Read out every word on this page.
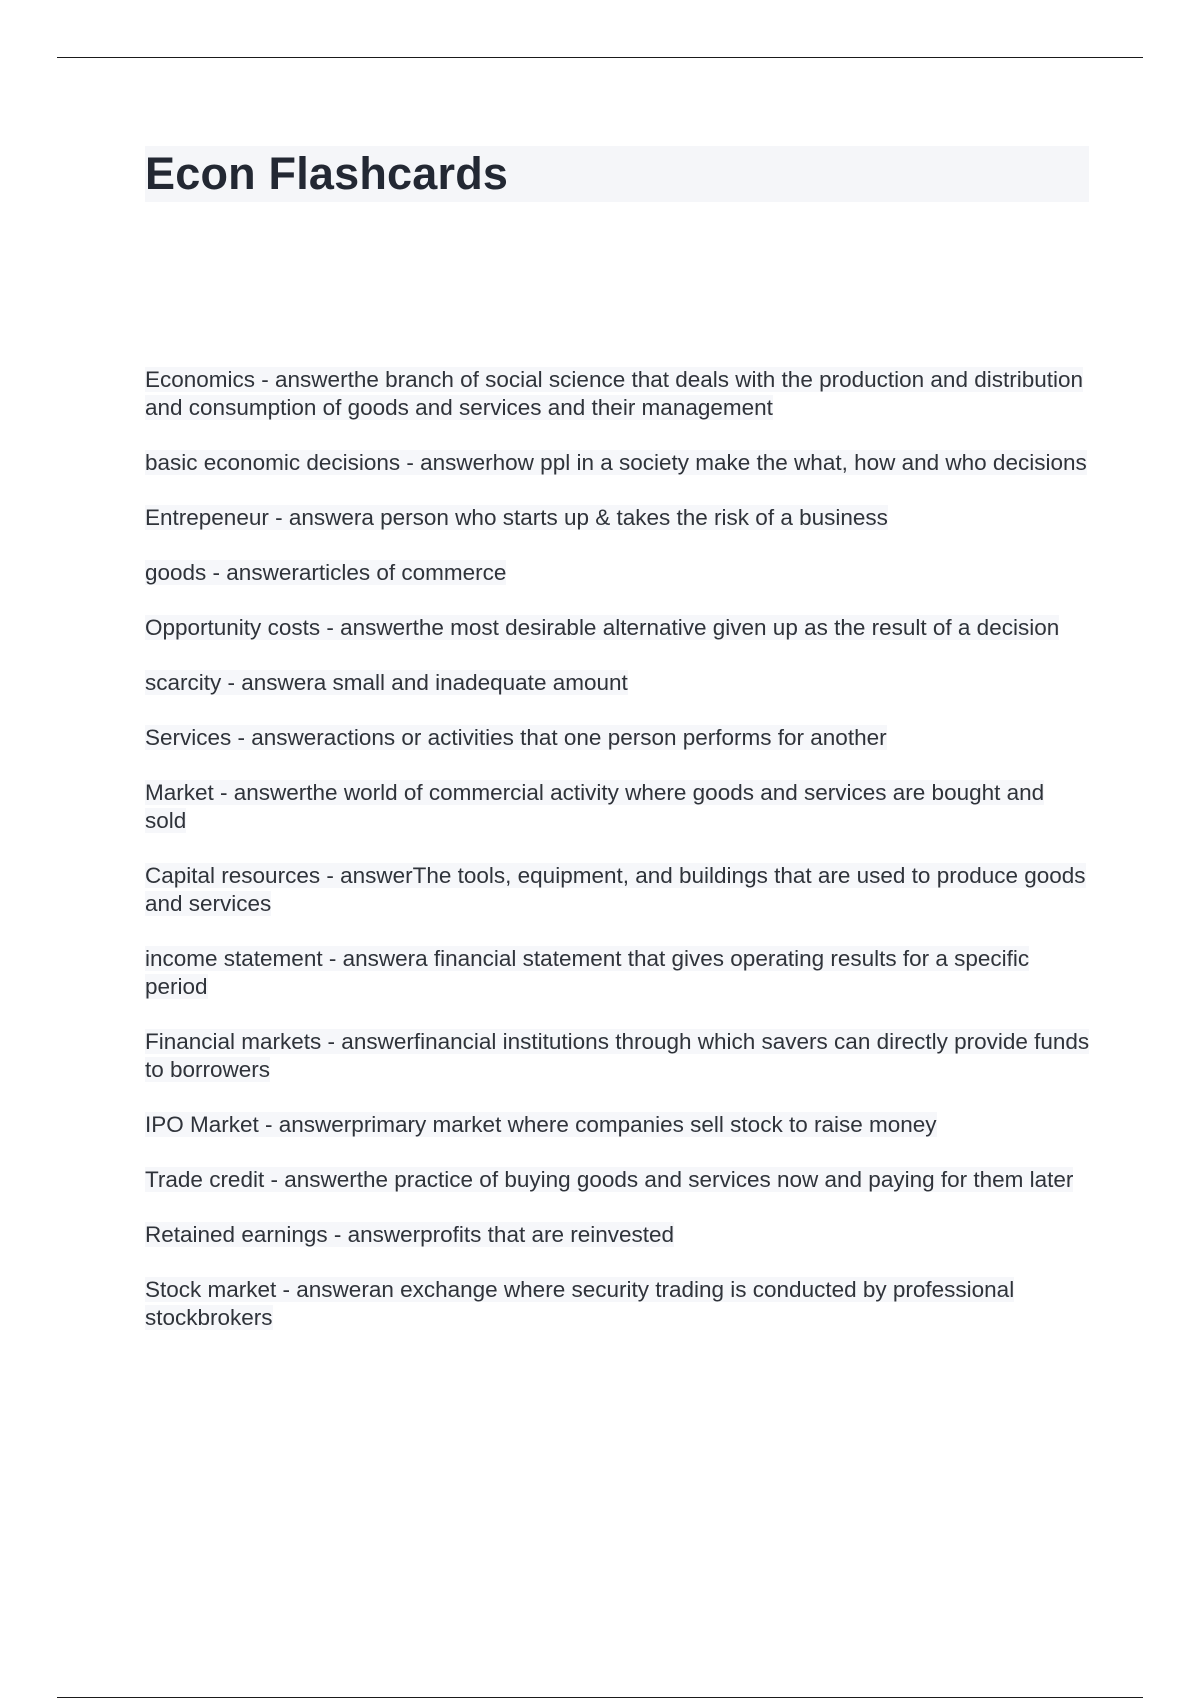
Econ Flashcards
Economics - answerthe branch of social science that deals with the production and distribution and consumption of goods and services and their management
basic economic decisions - answerhow ppl in a society make the what, how and who decisions
Entrepeneur - answera person who starts up & takes the risk of a business
goods - answerarticles of commerce
Opportunity costs - answerthe most desirable alternative given up as the result of a decision
scarcity - answera small and inadequate amount
Services - answeractions or activities that one person performs for another
Market - answerthe world of commercial activity where goods and services are bought and sold
Capital resources - answerThe tools, equipment, and buildings that are used to produce goods and services
income statement - answera financial statement that gives operating results for a specific period
Financial markets - answerfinancial institutions through which savers can directly provide funds to borrowers
IPO Market - answerprimary market where companies sell stock to raise money
Trade credit - answerthe practice of buying goods and services now and paying for them later
Retained earnings - answerprofits that are reinvested
Stock market - answeran exchange where security trading is conducted by professional stockbrokers
